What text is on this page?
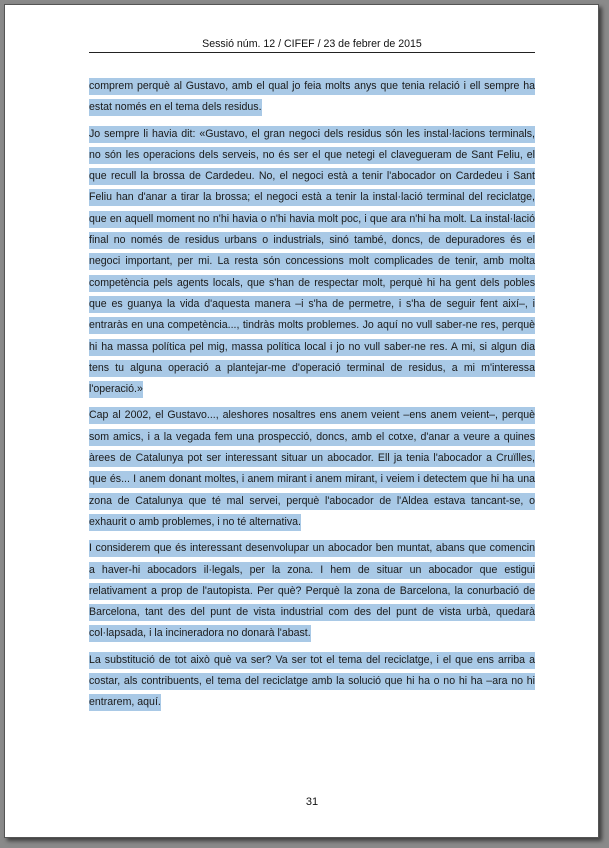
Sessió núm. 12 / CIFEF / 23 de febrer de 2015

comprem perquè al Gustavo, amb el qual jo feia molts anys que tenia relació i ell sempre ha estat només en el tema dels residus.

Jo sempre li havia dit: «Gustavo, el gran negoci dels residus són les instal·lacions terminals, no són les operacions dels serveis, no és ser el que netegi el clavegueram de Sant Feliu, el que recull la brossa de Cardedeu. No, el negoci està a tenir l'abocador on Cardedeu i Sant Feliu han d'anar a tirar la brossa; el negoci està a tenir la instal·lació terminal del reciclatge, que en aquell moment no n'hi havia o n'hi havia molt poc, i que ara n'hi ha molt. La instal·lació final no només de residus urbans o industrials, sinó també, doncs, de depuradores és el negoci important, per mi. La resta són concessions molt complicades de tenir, amb molta competència pels agents locals, que s'han de respectar molt, perquè hi ha gent dels pobles que es guanya la vida d'aquesta manera –i s'ha de permetre, i s'ha de seguir fent així–, i entraràs en una competència..., tindràs molts problemes. Jo aquí no vull saber-ne res, perquè hi ha massa política pel mig, massa política local i jo no vull saber-ne res. A mi, si algun dia tens tu alguna operació a plantejar-me d'operació terminal de residus, a mi m'interessa l'operació.»

Cap al 2002, el Gustavo..., aleshores nosaltres ens anem veient –ens anem veient–, perquè som amics, i a la vegada fem una prospecció, doncs, amb el cotxe, d'anar a veure a quines àrees de Catalunya pot ser interessant situar un abocador. Ell ja tenia l'abocador a Cruïlles, que és... I anem donant moltes, i anem mirant i anem mirant, i veiem i detectem que hi ha una zona de Catalunya que té mal servei, perquè l'abocador de l'Aldea estava tancant-se, o exhaurit o amb problemes, i no té alternativa.

I considerem que és interessant desenvolupar un abocador ben muntat, abans que comencin a haver-hi abocadors il·legals, per la zona. I hem de situar un abocador que estigui relativament a prop de l'autopista. Per què? Perquè la zona de Barcelona, la conurbació de Barcelona, tant des del punt de vista industrial com des del punt de vista urbà, quedarà col·lapsada, i la incineradora no donarà l'abast.

La substitució de tot això què va ser? Va ser tot el tema del reciclatge, i el que ens arriba a costar, als contribuents, el tema del reciclatge amb la solució que hi ha o no hi ha –ara no hi entrarem, aquí.

31
